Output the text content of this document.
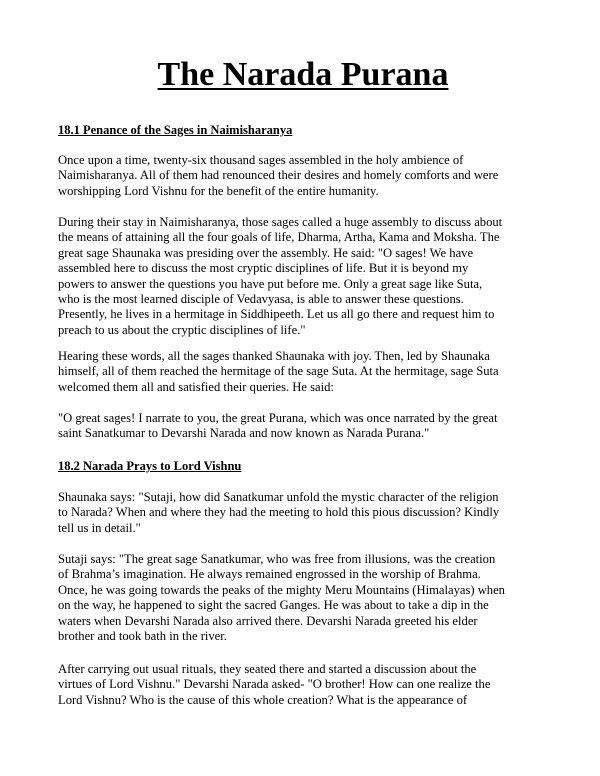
The Narada Purana
18.1 Penance of the Sages in Naimisharanya

Once upon a time, twenty-six thousand sages assembled in the holy ambience of
Naimisharanya. All of them had renounced their desires and homely comforts and were
worshipping Lord Vishnu for the benefit of the entire humanity.

During their stay in Naimisharanya, those sages called a huge assembly to discuss about
the means of attaining all the four goals of life, Dharma, Artha, Kama and Moksha. The
great sage Shaunaka was presiding over the assembly. He said: "O sages! We have
assembled here to discuss the most cryptic disciplines of life. But it is beyond my
powers to answer the questions you have put before me. Only a great sage like Suta,
who is the most learned disciple of Vedavyasa, is able to answer these questions.
Presently, he lives in a hermitage in Siddhipeeth. Let us all go there and request him to
preach to us about the cryptic disciplines of life."

Hearing these words, all the sages thanked Shaunaka with joy. Then, led by Shaunaka
himself, all of them reached the hermitage of the sage Suta. At the hermitage, sage Suta
welcomed them all and satisfied their queries. He said:

"O great sages! I narrate to you, the great Purana, which was once narrated by the great
saint Sanatkumar to Devarshi Narada and now known as Narada Purana."

18.2 Narada Prays to Lord Vishnu

Shaunaka says: "Sutaji, how did Sanatkumar unfold the mystic character of the religion
to Narada? When and where they had the meeting to hold this pious discussion? Kindly
tell us in detail."

Sutaji says: "The great sage Sanatkumar, who was free from illusions, was the creation
of Brahma’s imagination. He always remained engrossed in the worship of Brahma.
Once, he was going towards the peaks of the mighty Meru Mountains (Himalayas) when
on the way, he happened to sight the sacred Ganges. He was about to take a dip in the
waters when Devarshi Narada also arrived there. Devarshi Narada greeted his elder
brother and took bath in the river.

After carrying out usual rituals, they seated there and started a discussion about the
virtues of Lord Vishnu." Devarshi Narada asked- "O brother! How can one realize the
Lord Vishnu? Who is the cause of this whole creation? What is the appearance of
